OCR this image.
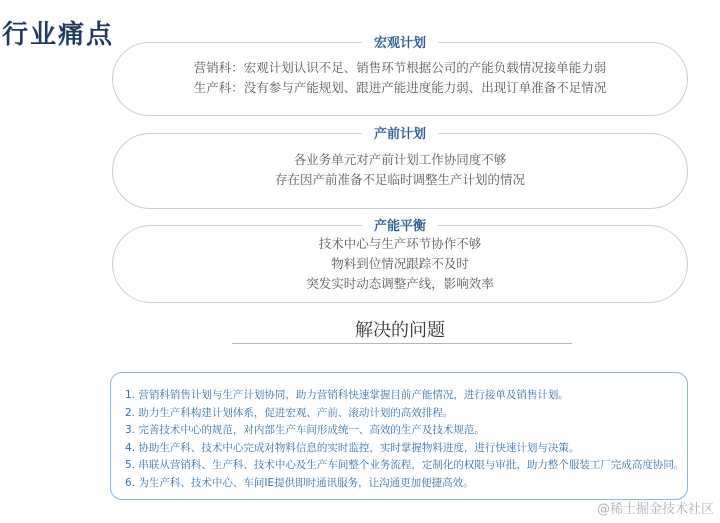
行业痛点	宏观计划
营销科：宏观计划认识不足、销售环节根据公司的产能负载情况接单能力弱
生产科：没有参与产能规划、跟进产能进度能力弱、出现订单准备不足情况
产前计划
各业务单元对产前计划工作协同度不够
存在因产前准备不足临时调整生产计划的情况
产能平衡
技术中心与生产环节协作不够
物料到位情况跟踪不及时
突发实时动态调整产线，影响效率
解决的问题
1. 营销科销售计划与生产计划协同，助力营销科快速掌握目前产能情况，进行接单及销售计划。
2. 助力生产科构建计划体系，促进宏观、产前、滚动计划的高效排程。
3. 完善技术中心的规范，对内部生产车间形成统一、高效的生产及技术规范。
4. 协助生产科、技术中心完成对物料信息的实时监控，实时掌握物料进度，进行快速计划与决策。
5. 串联从营销科、生产科、技术中心及生产车间整个业务流程，定制化的权限与审批，助力整个服装工厂完成高度协同。
6. 为生产科、技术中心、车间IE提供即时通讯服务，让沟通更加便捷高效。
@稀土掘金技术社区
